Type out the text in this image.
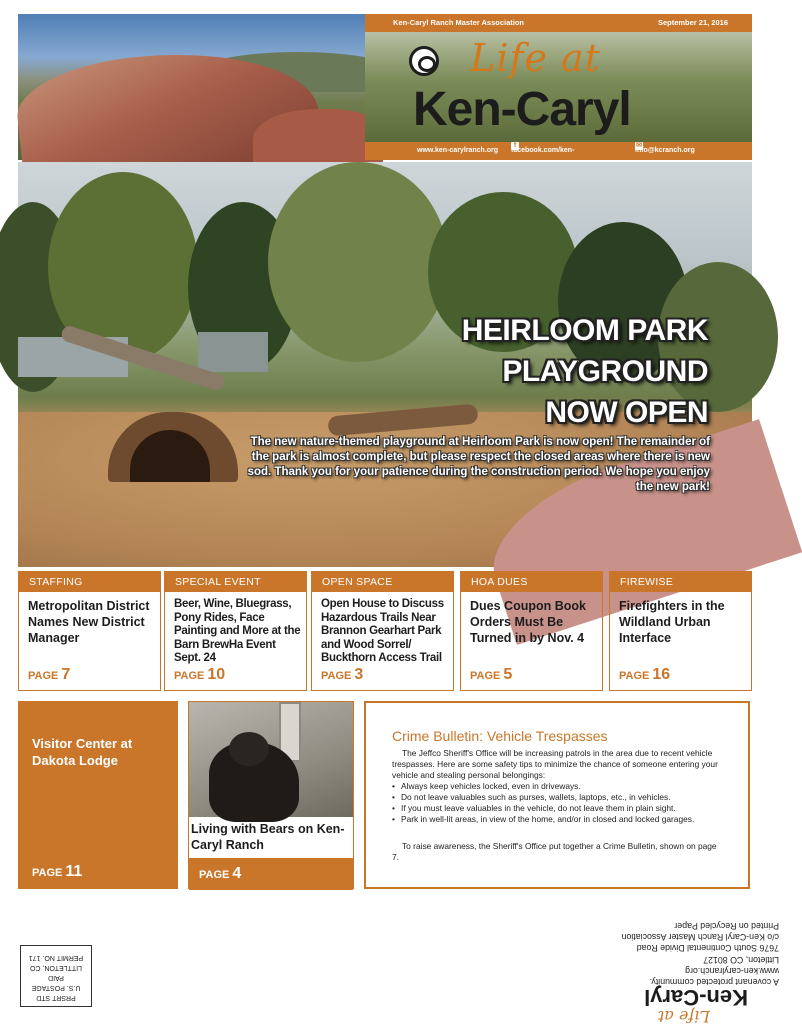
Ken-Caryl Ranch Master Association	September 21, 2016
Life at
Ken-Caryl
www.ken-carylranch.org
f
facebook.com/ken-
✉
info@kcranch.org
HEIRLOOM PARK
PLAYGROUND
NOW OPEN
The new nature-themed playground at Heirloom Park is now open! The remainder of the park is almost complete, but please respect the closed areas where there is new sod. Thank you for your patience during the construction period. We hope you enjoy the new park!
STAFFING
Metropolitan District Names New District Manager
PAGE 7
SPECIAL EVENT
Beer, Wine, Bluegrass, Pony Rides, Face Painting and More at the Barn BrewHa Event Sept. 24
PAGE 10
OPEN SPACE
Open House to Discuss Hazardous Trails Near Brannon Gearhart Park and Wood Sorrel/ Buckthorn Access Trail
PAGE 3
HOA DUES
Dues Coupon Book Orders Must Be Turned in by Nov. 4
PAGE 5
FIREWISE
Firefighters in the Wildland Urban Interface
PAGE 16
Visitor Center at Dakota Lodge
PAGE 11
Living with Bears on Ken-Caryl Ranch
PAGE 4
Crime Bulletin: Vehicle Trespasses
The Jeffco Sheriff's Office will be increasing patrols in the area due to recent vehicle trespasses. Here are some safety tips to minimize the chance of someone entering your vehicle and stealing personal belongings:
• Always keep vehicles locked, even in driveways.
• Do not leave valuables such as purses, wallets, laptops, etc., in vehicles.
• If you must leave valuables in the vehicle, do not leave them in plain sight.
• Park in well-lit areas, in view of the home, and/or in closed and locked garages.
To raise awareness, the Sheriff's Office put together a Crime Bulletin, shown on page 7.
A covenant protected community.
www.ken-carylranch.org
Littleton, CO 80127
7676 South Continental Divide Road
c/o Ken-Caryl Ranch Master Association
Printed on Recycled Paper
Life at
Ken-Caryl
PRSRT STD
U.S. POSTAGE
PAID
LITTLETON, CO
PERMIT NO. 171
